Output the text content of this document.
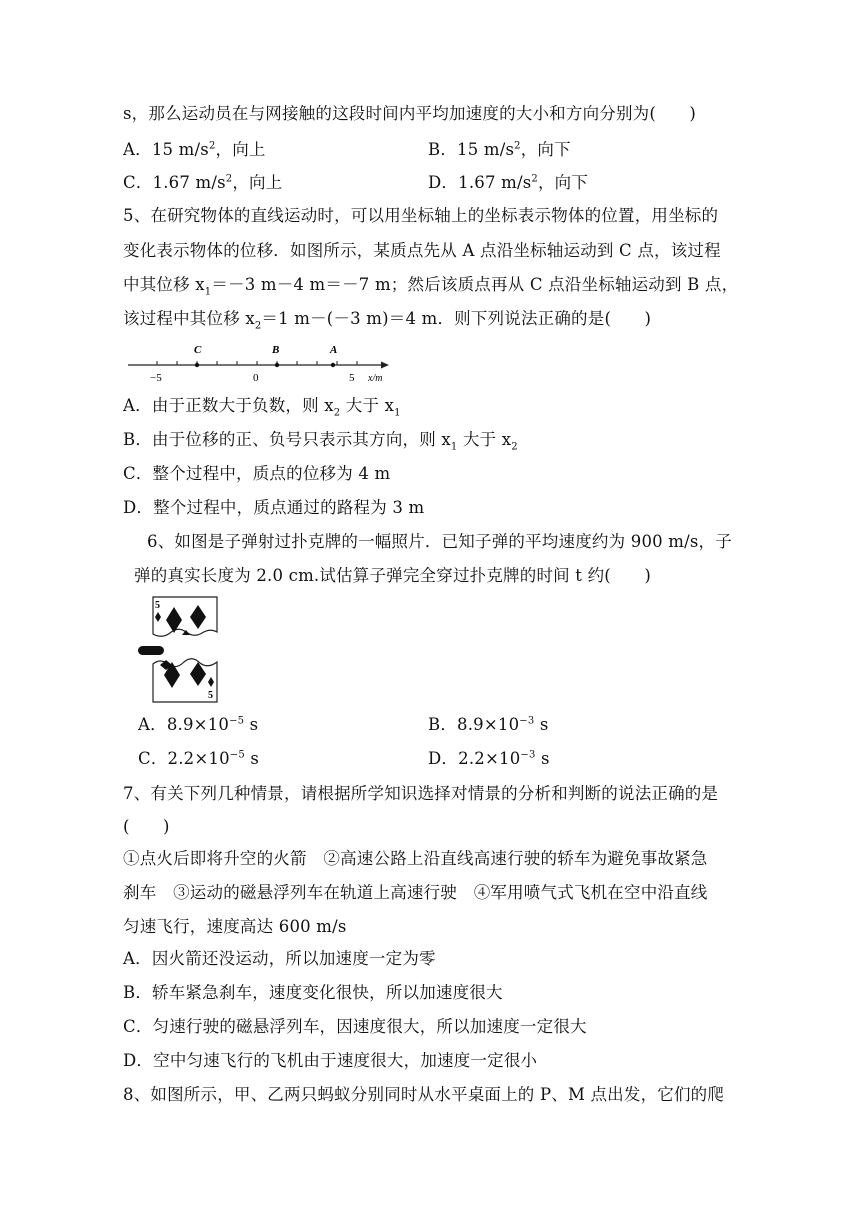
s，那么运动员在与网接触的这段时间内平均加速度的大小和方向分别为(　　)
A．15 $m/s^2$，向上	B．15 $m/s^2$，向下
C．1.67 $m/s^2$，向上	D．1.67 $m/s^2$，向下
5、在研究物体的直线运动时，可以用坐标轴上的坐标表示物体的位置，用坐标的
变化表示物体的位移．如图所示，某质点先从 A 点沿坐标轴运动到 C 点，该过程
中其位移 $x_1=-3$ m－4 m＝－7 m；然后该质点再从 C 点沿坐标轴运动到 B 点，
该过程中其位移 $x_2=1$ m－(－3 m)＝4 m．则下列说法正确的是(　　)
C	B	A
−5	0	5 x/m
A．由于正数大于负数，则 $x_2$ 大于 $x_1$
B．由于位移的正、负号只表示其方向，则 $x_1$ 大于 $x_2$
C．整个过程中，质点的位移为 4 m
D．整个过程中，质点通过的路程为 3 m
6、如图是子弹射过扑克牌的一幅照片．已知子弹的平均速度约为 900 m/s，子
弹的真实长度为 2.0 cm.试估算子弹完全穿过扑克牌的时间 t 约(　　)
5
5
A．$8.9\times 10^{-5}$ s	B．$8.9\times 10^{-3}$ s
C．$2.2\times 10^{-5}$ s	D．$2.2\times 10^{-3}$ s
7、有关下列几种情景，请根据所学知识选择对情景的分析和判断的说法正确的是
(　　)
①点火后即将升空的火箭　②高速公路上沿直线高速行驶的轿车为避免事故紧急
刹车　③运动的磁悬浮列车在轨道上高速行驶　④军用喷气式飞机在空中沿直线
匀速飞行，速度高达 600 m/s
A．因火箭还没运动，所以加速度一定为零
B．轿车紧急刹车，速度变化很快，所以加速度很大
C．匀速行驶的磁悬浮列车，因速度很大，所以加速度一定很大
D．空中匀速飞行的飞机由于速度很大，加速度一定很小
8、如图所示，甲、乙两只蚂蚁分别同时从水平桌面上的 P、M 点出发，它们的爬
